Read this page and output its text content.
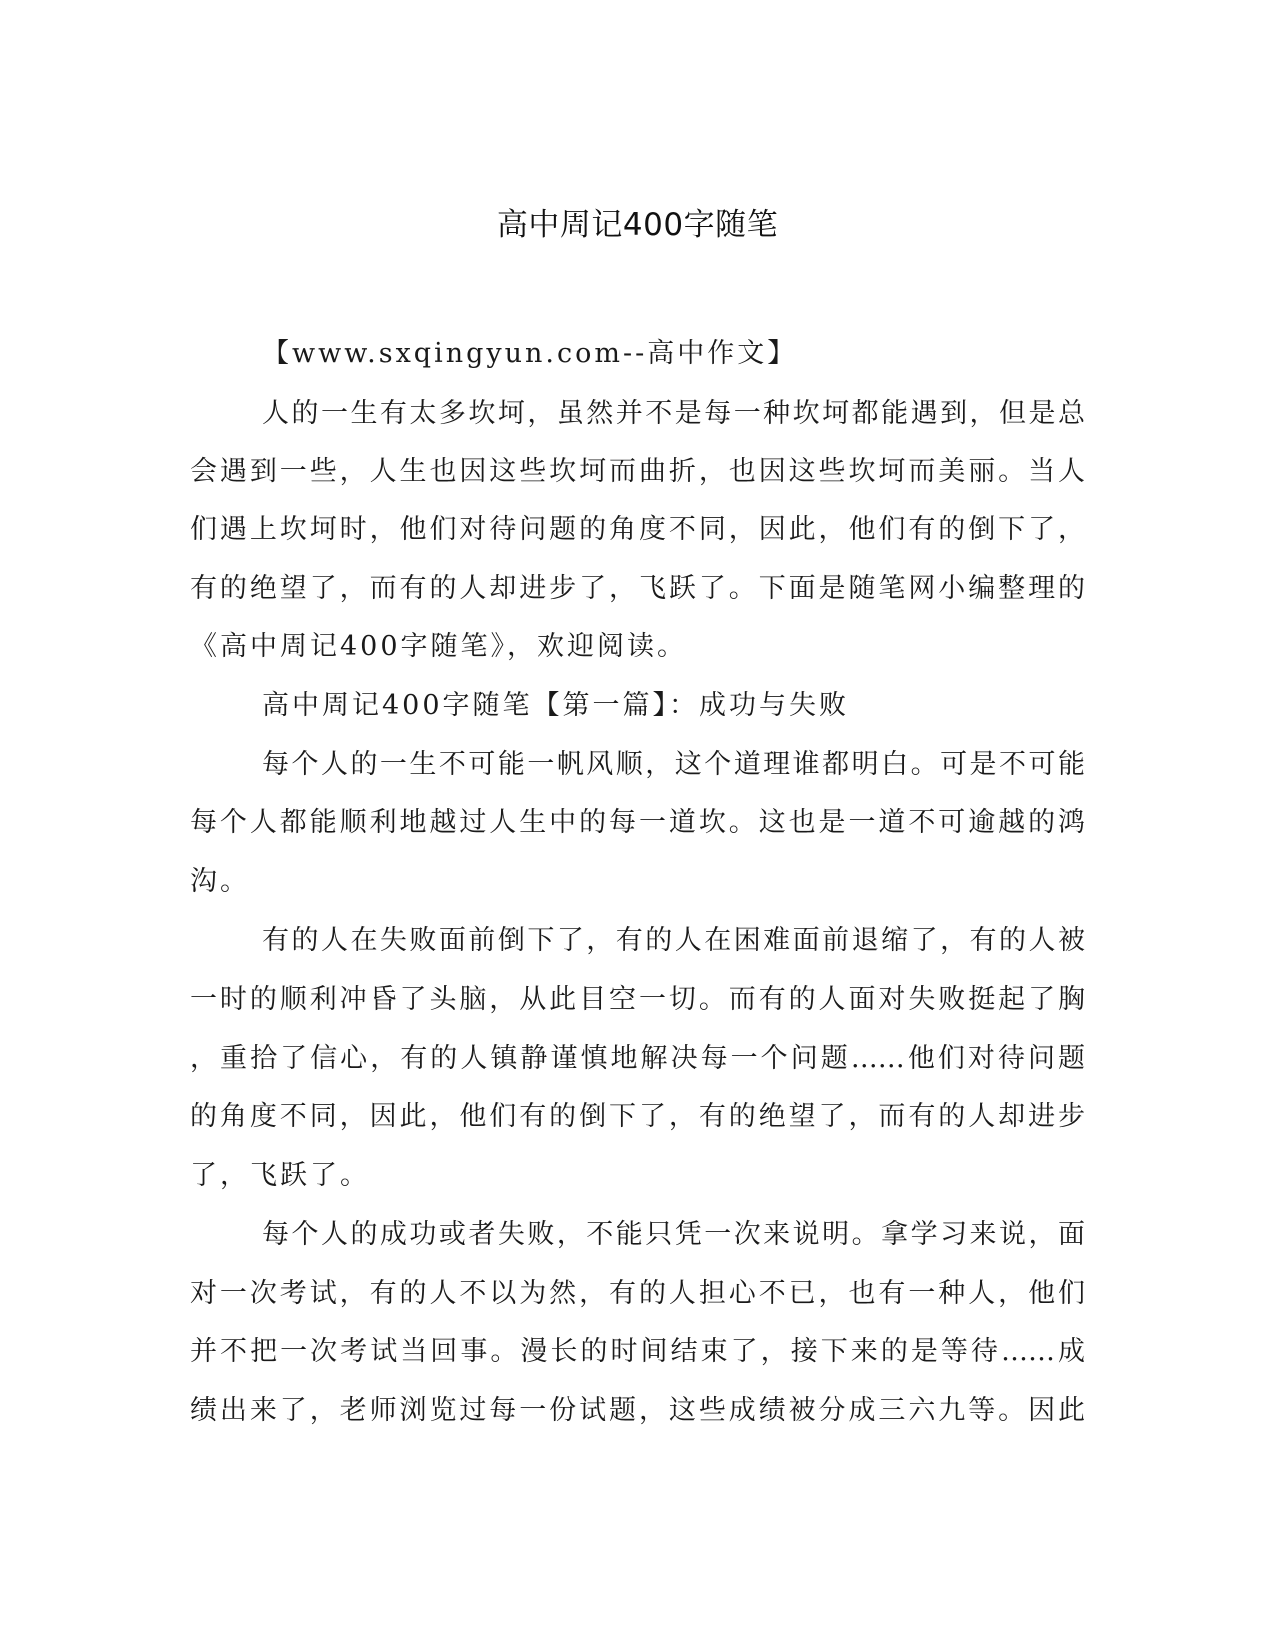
高中周记400字随笔

【www.sxqingyun.com--高中作文】

人的一生有太多坎坷，虽然并不是每一种坎坷都能遇到，但是总

会遇到一些，人生也因这些坎坷而曲折，也因这些坎坷而美丽。当人

们遇上坎坷时，他们对待问题的角度不同，因此，他们有的倒下了，

有的绝望了，而有的人却进步了，飞跃了。下面是随笔网小编整理的

《高中周记400字随笔》，欢迎阅读。

高中周记400字随笔【第一篇】：成功与失败

每个人的一生不可能一帆风顺，这个道理谁都明白。可是不可能

每个人都能顺利地越过人生中的每一道坎。这也是一道不可逾越的鸿

沟。

有的人在失败面前倒下了，有的人在困难面前退缩了，有的人被

一时的顺利冲昏了头脑，从此目空一切。而有的人面对失败挺起了胸

，重拾了信心，有的人镇静谨慎地解决每一个问题……他们对待问题

的角度不同，因此，他们有的倒下了，有的绝望了，而有的人却进步

了，飞跃了。

每个人的成功或者失败，不能只凭一次来说明。拿学习来说，面

对一次考试，有的人不以为然，有的人担心不已，也有一种人，他们

并不把一次考试当回事。漫长的时间结束了，接下来的是等待……成

绩出来了，老师浏览过每一份试题，这些成绩被分成三六九等。因此
